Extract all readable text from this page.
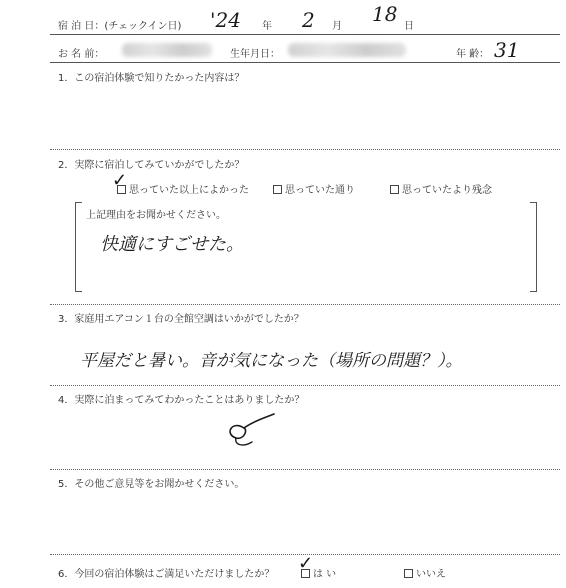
宿 泊 日：(チェックイン日) '24 年 2 月
18
日
お 名 前：	生年月日：	年 齢： 31
1．この宿泊体験で知りたかった内容は？
2．実際に宿泊してみていかがでしたか？
思っていた以上によかった
✓	思っていた通り	思っていたより残念
上記理由をお聞かせください。
快適にすごせた。
3．家庭用エアコン１台の全館空調はいかがでしたか？
平屋だと暑い。音が気になった（場所の問題？）。
4．実際に泊まってみてわかったことはありましたか？
5．その他ご意見等をお聞かせください。
6．今回の宿泊体験はご満足いただけましたか？	は い
✓
いいえ
